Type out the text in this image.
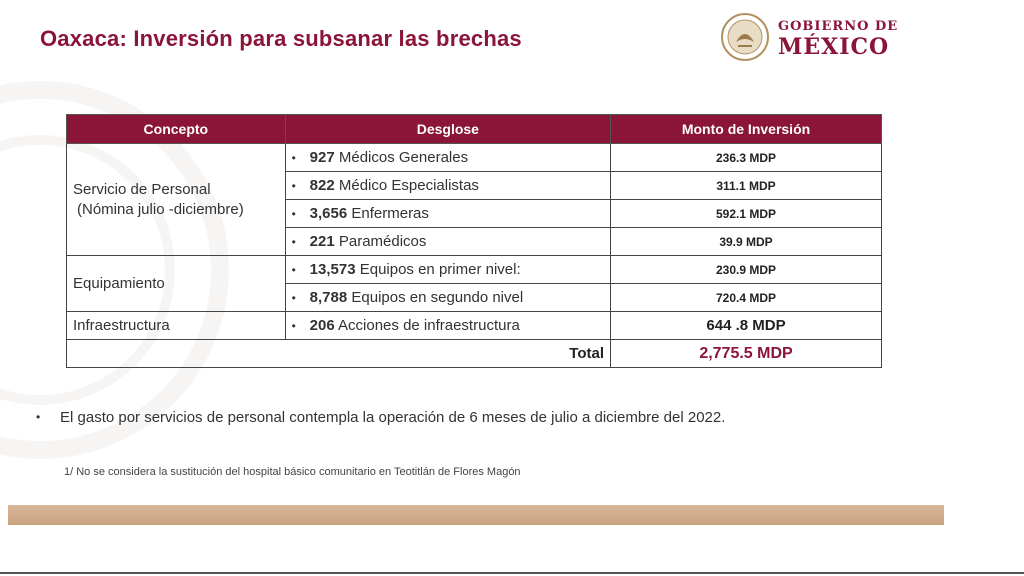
Oaxaca: Inversión para subsanar las brechas	GOBIERNO DE
MÉXICO
Concepto	Desglose	Monto de Inversión

Servicio de Personal
(Nómina julio -diciembre)	• 927 Médicos Generales	236.3 MDP
	• 822 Médico Especialistas	311.1 MDP
	• 3,656 Enfermeras	592.1 MDP
	• 221 Paramédicos	39.9 MDP
Equipamiento	• 13,573 Equipos en primer nivel:	230.9 MDP
	• 8,788 Equipos en segundo nivel	720.4 MDP
Infraestructura	• 206 Acciones de infraestructura	644 .8 MDP
Total		2,775.5 MDP
• El gasto por servicios de personal contempla la operación de 6 meses de julio a diciembre del 2022.
1/ No se considera la sustitución del hospital básico comunitario en Teotitlán de Flores Magón
